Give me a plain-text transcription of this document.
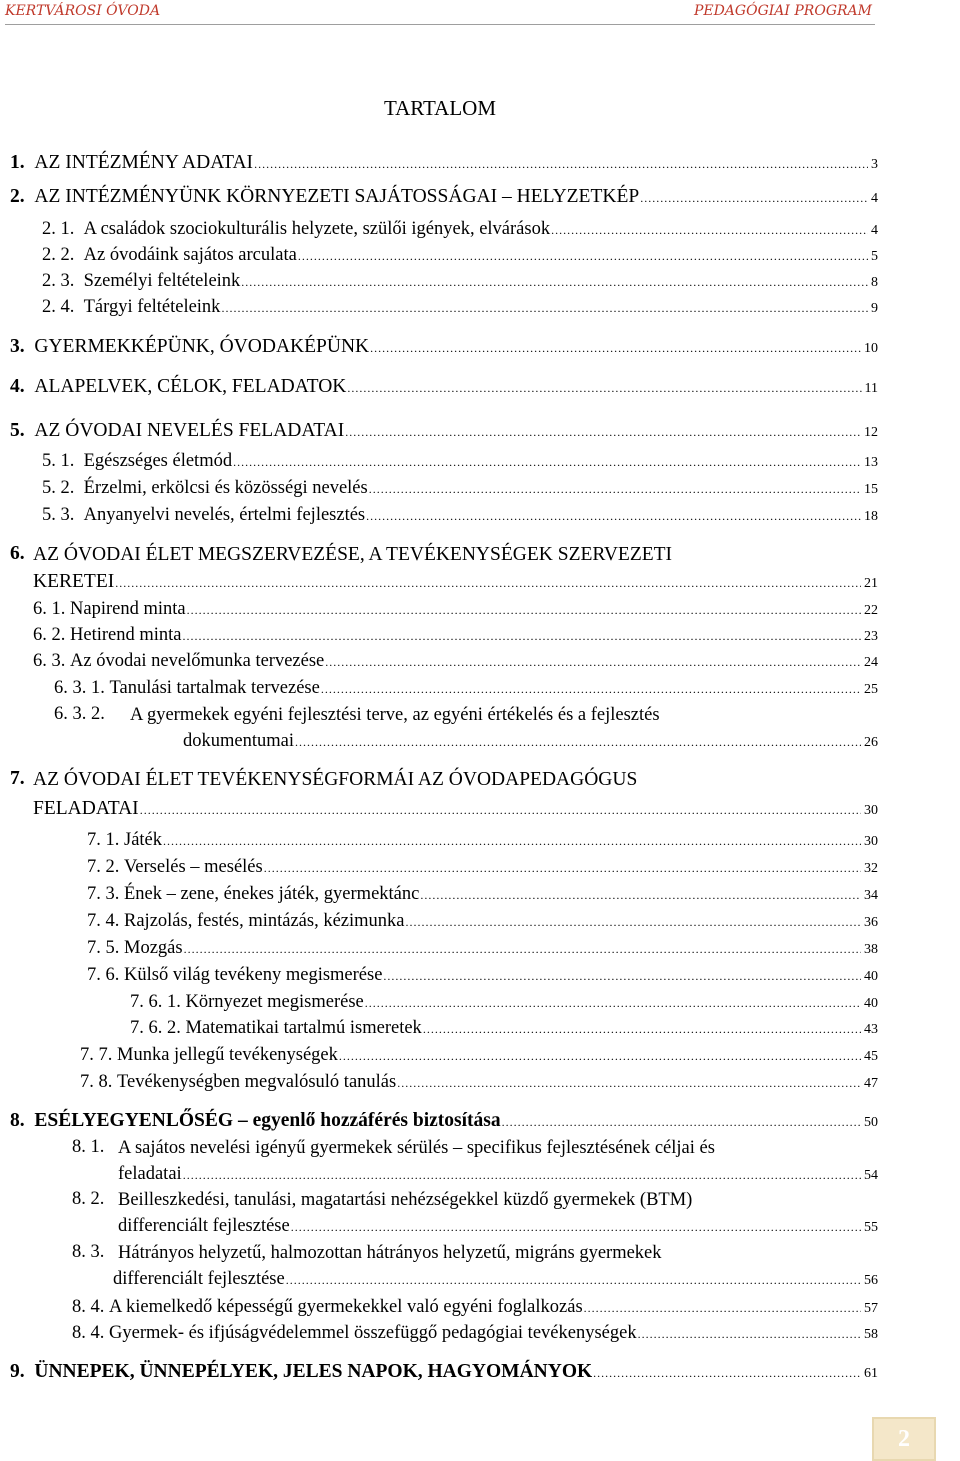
KERTVÁROSI ÓVODA	PEDAGÓGIAI PROGRAM
TARTALOM
1. AZ INTÉZMÉNY ADATAI .....	3
2. AZ INTÉZMÉNYÜNK KÖRNYEZETI SAJÁTOSSÁGAI – HELYZETKÉP .....	4
2. 1. A családok szociokulturális helyzete, szülői igények, elvárások .....	4
2. 2. Az óvodáink sajátos arculata .....	5
2. 3. Személyi feltételeink .....	8
2. 4. Tárgyi feltételeink .....	9
3. GYERMEKKÉPÜNK, ÓVODAKÉPÜNK .....	10
4. ALAPELVEK, CÉLOK, FELADATOK .....	11
5. AZ ÓVODAI NEVELÉS FELADATAI .....	12
5. 1. Egészséges életmód .....	13
5. 2. Érzelmi, erkölcsi és közösségi nevelés .....	15
5. 3. Anyanyelvi nevelés, értelmi fejlesztés .....	18
6. AZ ÓVODAI ÉLET MEGSZERVEZÉSE, A TEVÉKENYSÉGEK SZERVEZETI
KERETEI .....	21
6. 1. Napirend minta .....	22
6. 2. Hetirend minta .....	23
6. 3. Az óvodai nevelőmunka tervezése .....	24
6. 3. 1. Tanulási tartalmak tervezése .....	25
6. 3. 2. A gyermekek egyéni fejlesztési terve, az egyéni értékelés és a fejlesztés
dokumentumai .....	26
7. AZ ÓVODAI ÉLET TEVÉKENYSÉGFORMÁI AZ ÓVODAPEDAGÓGUS
FELADATAI .....	30
7. 1. Játék .....	30
7. 2. Verselés – mesélés .....	32
7. 3. Ének – zene, énekes játék, gyermektánc .....	34
7. 4. Rajzolás, festés, mintázás, kézimunka .....	36
7. 5. Mozgás .....	38
7. 6. Külső világ tevékeny megismerése .....	40
7. 6. 1. Környezet megismerése .....	40
7. 6. 2. Matematikai tartalmú ismeretek .....	43
7. 7. Munka jellegű tevékenységek .....	45
7. 8. Tevékenységben megvalósuló tanulás .....	47
8. ESÉLYEGYENLŐSÉG – egyenlő hozzáférés biztosítása .....	50
8. 1. A sajátos nevelési igényű gyermekek sérülés – specifikus fejlesztésének céljai és
feladatai .....	54
8. 2. Beilleszkedési, tanulási, magatartási nehézségekkel küzdő gyermekek (BTM)
differenciált fejlesztése .....	55
8. 3. Hátrányos helyzetű, halmozottan hátrányos helyzetű, migráns gyermekek
differenciált fejlesztése .....	56
8. 4. A kiemelkedő képességű gyermekekkel való egyéni foglalkozás .....	57
8. 4. Gyermek- és ifjúságvédelemmel összefüggő pedagógiai tevékenységek .....	58
9. ÜNNEPEK, ÜNNEPÉLYEK, JELES NAPOK, HAGYOMÁNYOK .....	61
2
